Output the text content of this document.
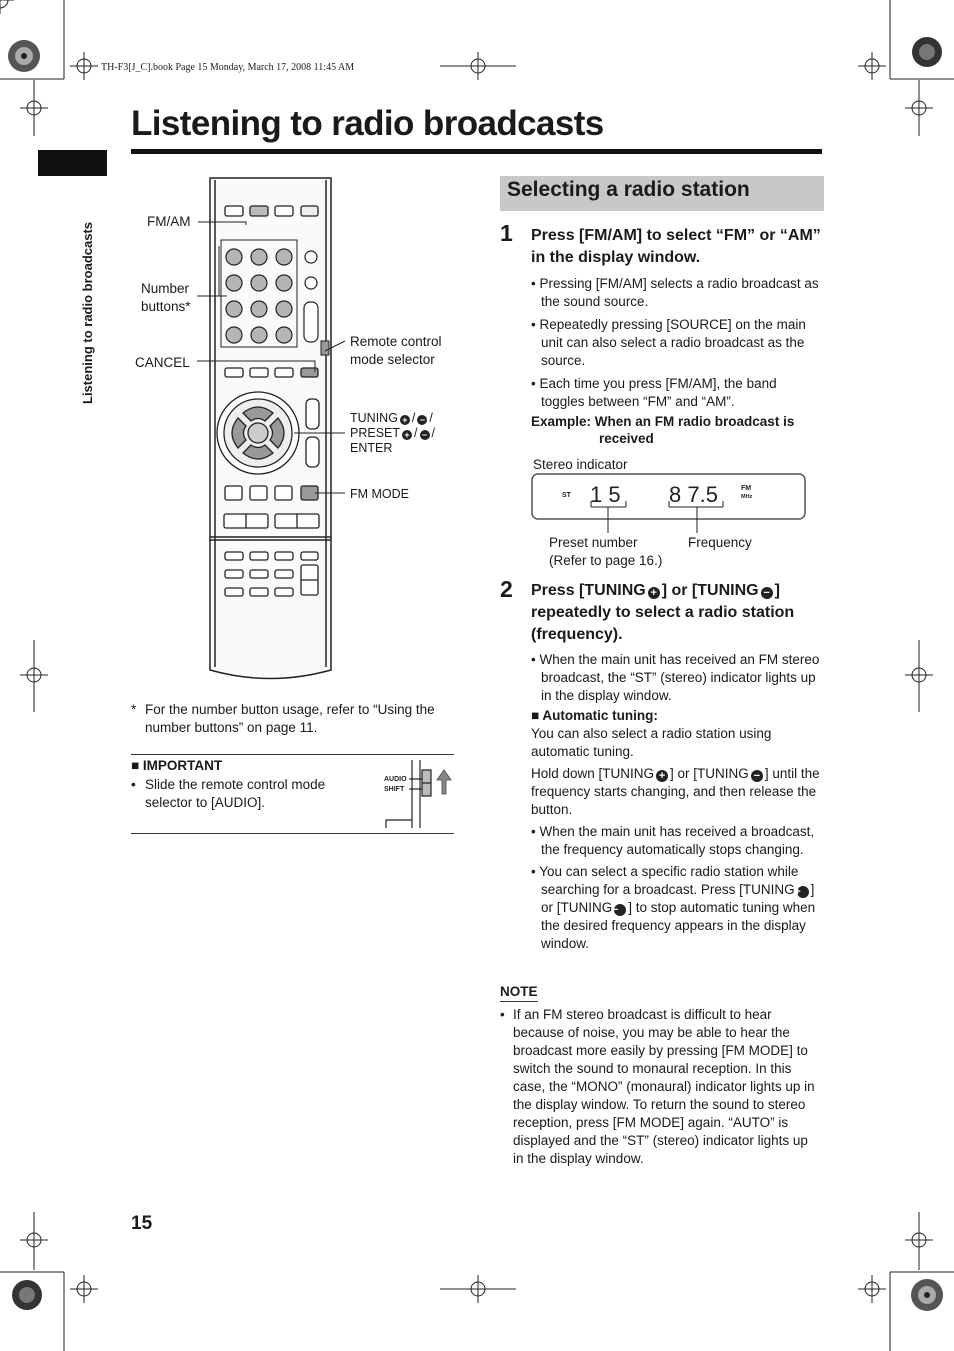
TH-F3[J_C].book Page 15 Monday, March 17, 2008 11:45 AM
Listening to radio broadcasts
Listening to radio broadcasts
FM/AM
Number
buttons*
CANCEL
Remote control
mode selector
TUNING + / − /
PRESET + / − /
ENTER
FM MODE
* For the number button usage, refer to “Using the number buttons” on page 11.
■ IMPORTANT
• Slide the remote control mode selector to [AUDIO].
AUDIO
SHIFT
Selecting a radio station
1 Press [FM/AM] to select “FM” or “AM” in the display window.
• Pressing [FM/AM] selects a radio broadcast as the sound source.
• Repeatedly pressing [SOURCE] on the main unit can also select a radio broadcast as the source.
• Each time you press [FM/AM], the band toggles between “FM” and “AM”.
Example: When an FM radio broadcast is
received
Stereo indicator
ST 1 5 8 7.5	FM
MHz
Preset number
(Refer to page 16.)
Frequency
2 Press [TUNING + ] or [TUNING − ] repeatedly to select a radio station (frequency).
• When the main unit has received an FM stereo broadcast, the “ST” (stereo) indicator lights up in the display window.
■ Automatic tuning:
You can also select a radio station using automatic tuning.
Hold down [TUNING + ] or [TUNING − ] until the frequency starts changing, and then release the button.
• When the main unit has received a broadcast, the frequency automatically stops changing.
• You can select a specific radio station while searching for a broadcast. Press [TUNING+ ] or [TUNING− ] to stop automatic tuning when the desired frequency appears in the display window.
NOTE
• If an FM stereo broadcast is difficult to hear because of noise, you may be able to hear the broadcast more easily by pressing [FM MODE] to switch the sound to monaural reception. In this case, the “MONO” (monaural) indicator lights up in the display window. To return the sound to stereo reception, press [FM MODE] again. “AUTO” is displayed and the “ST” (stereo) indicator lights up in the display window.
15
